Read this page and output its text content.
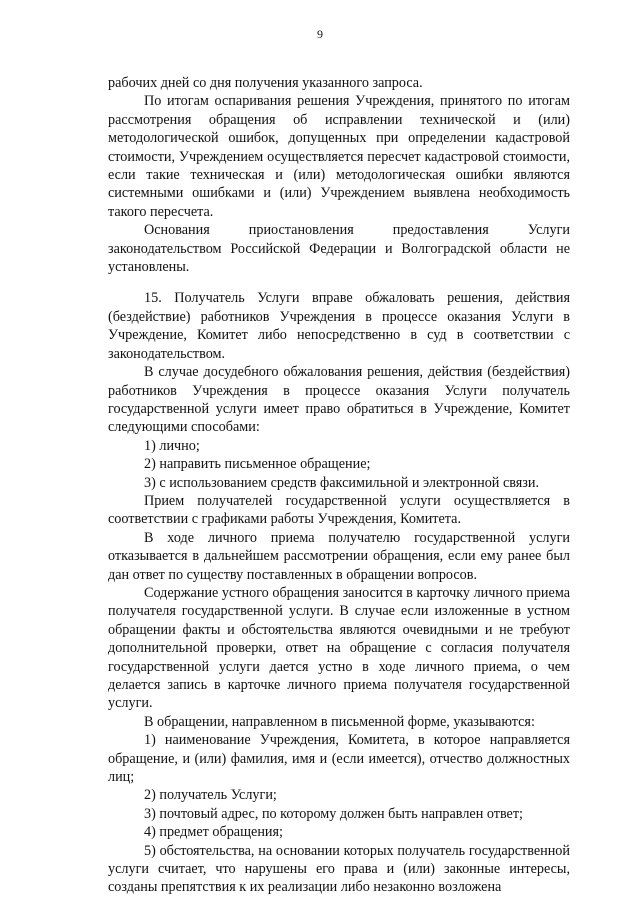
9

рабочих дней со дня получения указанного запроса.

По итогам оспаривания решения Учреждения, принятого по итогам рассмотрения обращения об исправлении технической и (или) методологической ошибок, допущенных при определении кадастровой стоимости, Учреждением осуществляется пересчет кадастровой стоимости, если такие техническая и (или) методологическая ошибки являются системными ошибками и (или) Учреждением выявлена необходимость такого пересчета.

Основания приостановления предоставления Услуги законодательством Российской Федерации и Волгоградской области не установлены.

15. Получатель Услуги вправе обжаловать решения, действия (бездействие) работников Учреждения в процессе оказания Услуги в Учреждение, Комитет либо непосредственно в суд в соответствии с законодательством.

В случае досудебного обжалования решения, действия (бездействия) работников Учреждения в процессе оказания Услуги получатель государственной услуги имеет право обратиться в Учреждение, Комитет следующими способами:

1) лично;

2) направить письменное обращение;

3) с использованием средств факсимильной и электронной связи.

Прием получателей государственной услуги осуществляется в соответствии с графиками работы Учреждения, Комитета.

В ходе личного приема получателю государственной услуги отказывается в дальнейшем рассмотрении обращения, если ему ранее был дан ответ по существу поставленных в обращении вопросов.

Содержание устного обращения заносится в карточку личного приема получателя государственной услуги. В случае если изложенные в устном обращении факты и обстоятельства являются очевидными и не требуют дополнительной проверки, ответ на обращение с согласия получателя государственной услуги дается устно в ходе личного приема, о чем делается запись в карточке личного приема получателя государственной услуги.

В обращении, направленном в письменной форме, указываются:

1) наименование Учреждения, Комитета, в которое направляется обращение, и (или) фамилия, имя и (если имеется), отчество должностных лиц;

2) получатель Услуги;

3) почтовый адрес, по которому должен быть направлен ответ;

4) предмет обращения;

5) обстоятельства, на основании которых получатель государственной услуги считает, что нарушены его права и (или) законные интересы, созданы препятствия к их реализации либо незаконно возложена
